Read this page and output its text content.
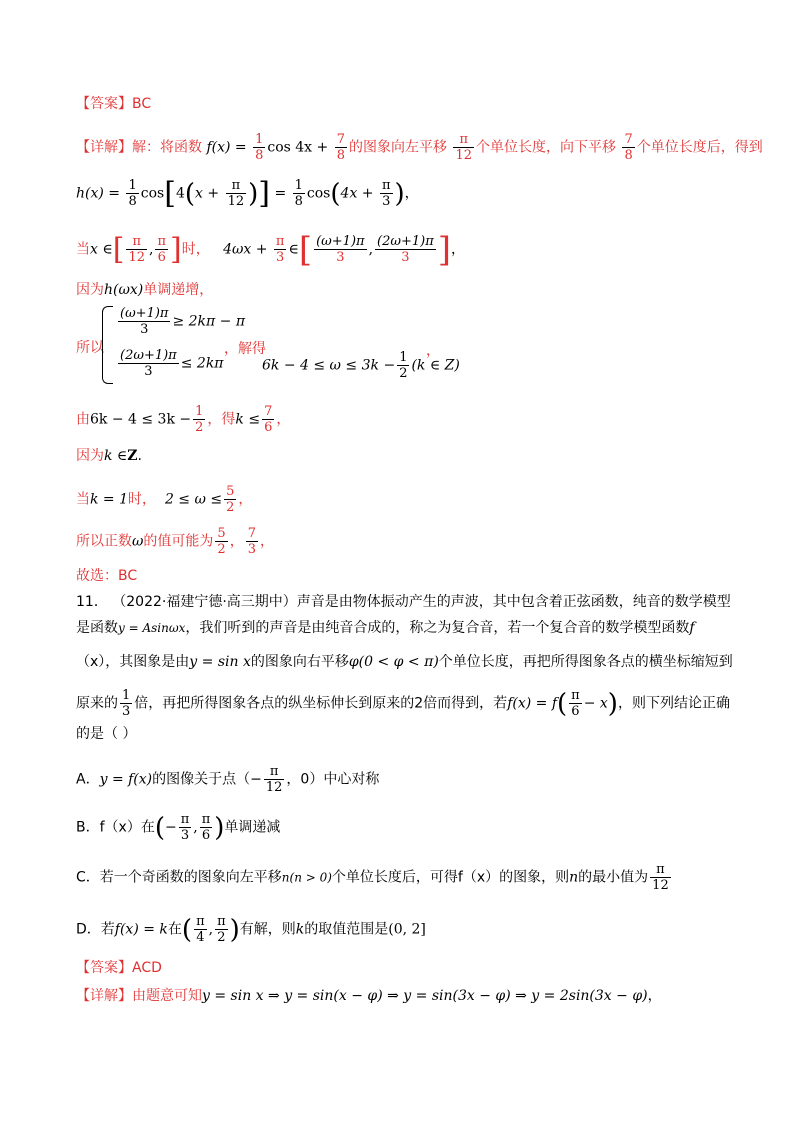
【答案】BC
【详解】解：将函数 $f(x) = \frac{1}{8}$ $\cos 4x + \frac{7}{8}$ 的图象向左平移 $\frac{\pi}{12}$ 个单位长度，向下平移 $\frac{7}{8}$ 个单位长度后，得到
$h(x) = \frac{1}{8} \cos[4(x + \frac{\pi}{12}$ )] = $\frac{1}{8} \cos(4x + \frac{\pi}{3}$ )，
当x ∈[ $\frac{\pi}{12}$ , $\frac{\pi}{6}$ ]时， $4\omega x + \frac{\pi}{3}$ ∈[ $\frac{(\omega+1)\pi}{3}$ , $\frac{(2\omega+1)\pi}{3}$ ]，
因为h(ωx)单调递增，
所以
$\frac{(\omega+1)\pi}{3} \ge 2k\pi - \pi$
$\frac{(2\omega+1)\pi}{3} \le 2k\pi$
，解得
$6k - 4 \le \omega \le 3k - \frac{1}{2} (k$ ∈ Z)
，
由$6k - 4 \le 3k - \frac{1}{2}$ ，得$k \le \frac{7}{6}$ ，
因为k ∈Z.
当k = 1时， $2 \le \omega \le \frac{5}{2}$ ，
所以正数ω的值可能为 $\frac{5}{2}$ ， $\frac{7}{3}$ ，
故选：BC
11． （2022·福建宁德·高三期中）声音是由物体振动产生的声波，其中包含着正弦函数，纯音的数学模型
是函数y = Asinωx，我们听到的声音是由纯音合成的，称之为复合音，若一个复合音的数学模型函数f
（x），其图象是由y = sin x的图象向右平移φ(0 < φ < π)个单位长度，再把所得图象各点的横坐标缩短到
原来的 $\frac{1}{3}$ 倍，再把所得图象各点的纵坐标伸长到原来的2倍而得到，若$f(x) = f( \frac{\pi}{6} - x)$，则下列结论正确
的是（ ）
A．y = f(x)的图像关于点（− $\frac{\pi}{12}$ ，0）中心对称
B．f（x）在(− $\frac{\pi}{3}$ , $\frac{\pi}{6}$ )单调递减
C．若一个奇函数的图象向左平移n(n > 0)个单位长度后，可得f（x）的图象，则n的最小值为 $\frac{\pi}{12}$
D．若f(x) = k在( $\frac{\pi}{4}$ , $\frac{\pi}{2}$ )有解，则k的取值范围是(0, 2]
【答案】ACD
【详解】由题意可知y = sin x ⇒ y = sin(x − φ) ⇒ y = sin(3x − φ) ⇒ y = 2sin(3x − φ)，
